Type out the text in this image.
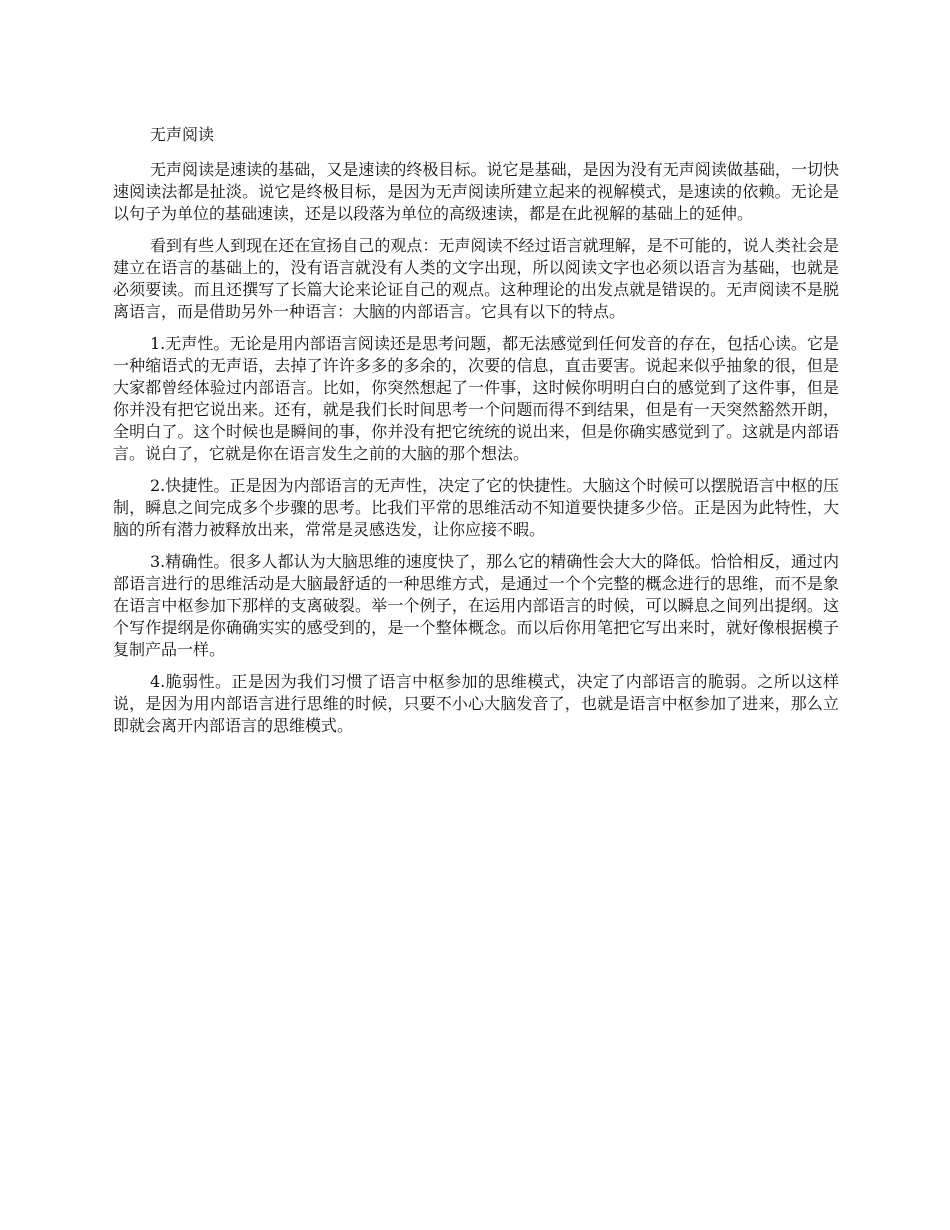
无声阅读

无声阅读是速读的基础，又是速读的终极目标。说它是基础，是因为没有无声阅读做基础，一切快速阅读法都是扯淡。说它是终极目标，是因为无声阅读所建立起来的视解模式，是速读的依赖。无论是以句子为单位的基础速读，还是以段落为单位的高级速读，都是在此视解的基础上的延伸。

看到有些人到现在还在宣扬自己的观点：无声阅读不经过语言就理解，是不可能的，说人类社会是建立在语言的基础上的，没有语言就没有人类的文字出现，所以阅读文字也必须以语言为基础，也就是必须要读。而且还撰写了长篇大论来论证自己的观点。这种理论的出发点就是错误的。无声阅读不是脱离语言，而是借助另外一种语言：大脑的内部语言。它具有以下的特点。

1.无声性。无论是用内部语言阅读还是思考问题，都无法感觉到任何发音的存在，包括心读。它是一种缩语式的无声语，去掉了许许多多的多余的，次要的信息，直击要害。说起来似乎抽象的很，但是大家都曾经体验过内部语言。比如，你突然想起了一件事，这时候你明明白白的感觉到了这件事，但是你并没有把它说出来。还有，就是我们长时间思考一个问题而得不到结果，但是有一天突然豁然开朗，全明白了。这个时候也是瞬间的事，你并没有把它统统的说出来，但是你确实感觉到了。这就是内部语言。说白了，它就是你在语言发生之前的大脑的那个想法。

2.快捷性。正是因为内部语言的无声性，决定了它的快捷性。大脑这个时候可以摆脱语言中枢的压制，瞬息之间完成多个步骤的思考。比我们平常的思维活动不知道要快捷多少倍。正是因为此特性，大脑的所有潜力被释放出来，常常是灵感迭发，让你应接不暇。

3.精确性。很多人都认为大脑思维的速度快了，那么它的精确性会大大的降低。恰恰相反，通过内部语言进行的思维活动是大脑最舒适的一种思维方式，是通过一个个完整的概念进行的思维，而不是象在语言中枢参加下那样的支离破裂。举一个例子，在运用内部语言的时候，可以瞬息之间列出提纲。这个写作提纲是你确确实实的感受到的，是一个整体概念。而以后你用笔把它写出来时，就好像根据模子复制产品一样。

4.脆弱性。正是因为我们习惯了语言中枢参加的思维模式，决定了内部语言的脆弱。之所以这样说，是因为用内部语言进行思维的时候，只要不小心大脑发音了，也就是语言中枢参加了进来，那么立即就会离开内部语言的思维模式。
